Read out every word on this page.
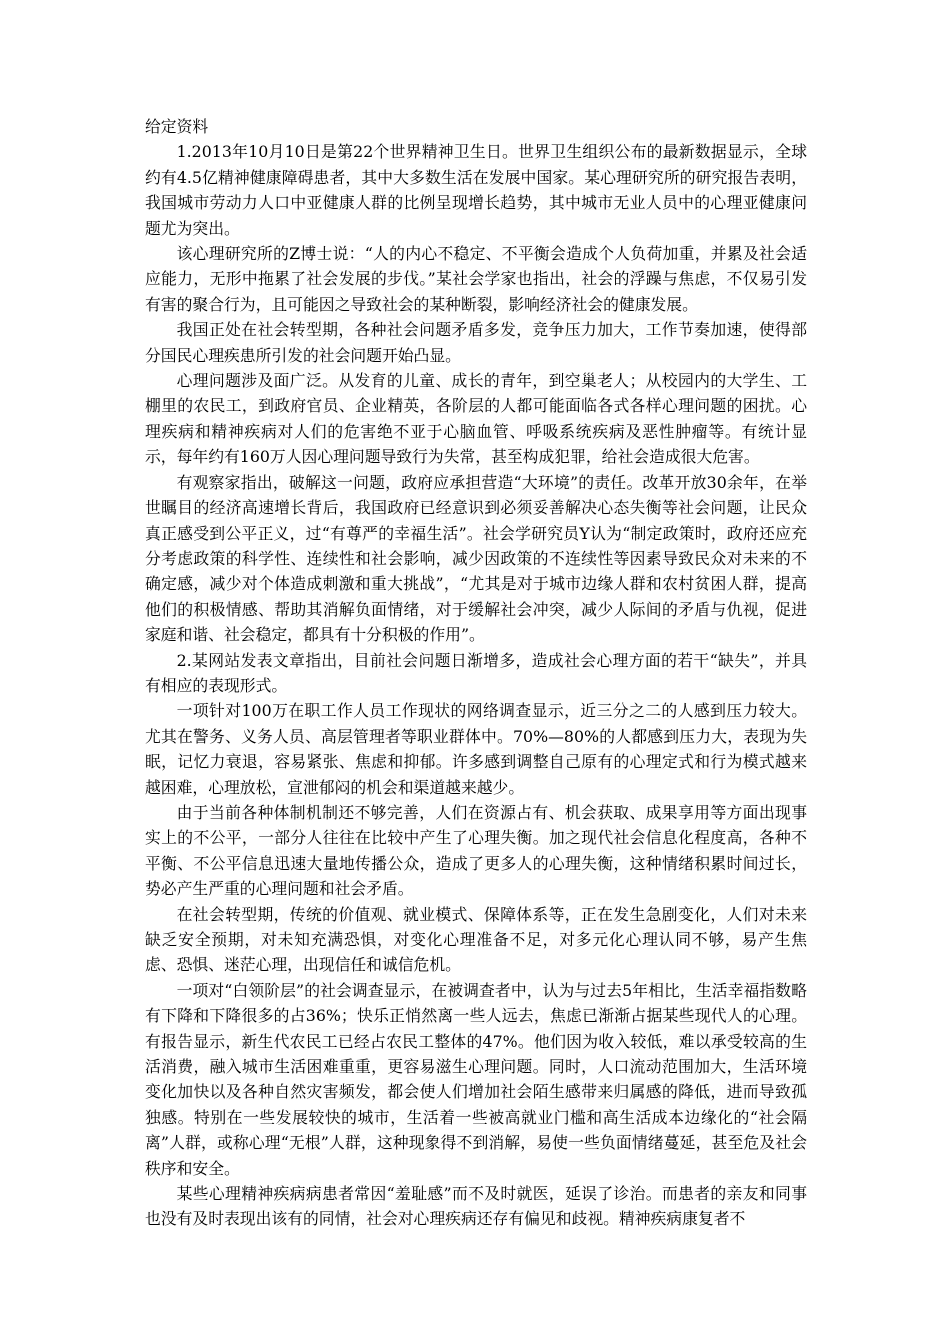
给定资料

1.2013年10月10日是第22个世界精神卫生日。世界卫生组织公布的最新数据显示，全球约有4.5亿精神健康障碍患者，其中大多数生活在发展中国家。某心理研究所的研究报告表明，我国城市劳动力人口中亚健康人群的比例呈现增长趋势，其中城市无业人员中的心理亚健康问题尤为突出。

该心理研究所的Z博士说：“人的内心不稳定、不平衡会造成个人负荷加重，并累及社会适应能力，无形中拖累了社会发展的步伐。”某社会学家也指出，社会的浮躁与焦虑，不仅易引发有害的聚合行为，且可能因之导致社会的某种断裂，影响经济社会的健康发展。

我国正处在社会转型期，各种社会问题矛盾多发，竞争压力加大，工作节奏加速，使得部分国民心理疾患所引发的社会问题开始凸显。

心理问题涉及面广泛。从发育的儿童、成长的青年，到空巢老人；从校园内的大学生、工棚里的农民工，到政府官员、企业精英，各阶层的人都可能面临各式各样心理问题的困扰。心理疾病和精神疾病对人们的危害绝不亚于心脑血管、呼吸系统疾病及恶性肿瘤等。有统计显示，每年约有160万人因心理问题导致行为失常，甚至构成犯罪，给社会造成很大危害。

有观察家指出，破解这一问题，政府应承担营造“大环境”的责任。改革开放30余年，在举世瞩目的经济高速增长背后，我国政府已经意识到必须妥善解决心态失衡等社会问题，让民众真正感受到公平正义，过“有尊严的幸福生活”。社会学研究员Y认为“制定政策时，政府还应充分考虑政策的科学性、连续性和社会影响，减少因政策的不连续性等因素导致民众对未来的不确定感，减少对个体造成刺激和重大挑战”，“尤其是对于城市边缘人群和农村贫困人群，提高他们的积极情感、帮助其消解负面情绪，对于缓解社会冲突，减少人际间的矛盾与仇视，促进家庭和谐、社会稳定，都具有十分积极的作用”。

2.某网站发表文章指出，目前社会问题日渐增多，造成社会心理方面的若干“缺失”，并具有相应的表现形式。

一项针对100万在职工作人员工作现状的网络调查显示，近三分之二的人感到压力较大。尤其在警务、义务人员、高层管理者等职业群体中。70%—80%的人都感到压力大，表现为失眠，记忆力衰退，容易紧张、焦虑和抑郁。许多感到调整自己原有的心理定式和行为模式越来越困难，心理放松，宣泄郁闷的机会和渠道越来越少。

由于当前各种体制机制还不够完善，人们在资源占有、机会获取、成果享用等方面出现事实上的不公平，一部分人往往在比较中产生了心理失衡。加之现代社会信息化程度高，各种不平衡、不公平信息迅速大量地传播公众，造成了更多人的心理失衡，这种情绪积累时间过长，势必产生严重的心理问题和社会矛盾。

在社会转型期，传统的价值观、就业模式、保障体系等，正在发生急剧变化，人们对未来缺乏安全预期，对未知充满恐惧，对变化心理准备不足，对多元化心理认同不够，易产生焦虑、恐惧、迷茫心理，出现信任和诚信危机。

一项对“白领阶层”的社会调查显示，在被调查者中，认为与过去5年相比，生活幸福指数略有下降和下降很多的占36%；快乐正悄然离一些人远去，焦虑已渐渐占据某些现代人的心理。有报告显示，新生代农民工已经占农民工整体的47%。他们因为收入较低，难以承受较高的生活消费，融入城市生活困难重重，更容易滋生心理问题。同时，人口流动范围加大，生活环境变化加快以及各种自然灾害频发，都会使人们增加社会陌生感带来归属感的降低，进而导致孤独感。特别在一些发展较快的城市，生活着一些被高就业门槛和高生活成本边缘化的“社会隔离”人群，或称心理“无根”人群，这种现象得不到消解，易使一些负面情绪蔓延，甚至危及社会秩序和安全。

某些心理精神疾病病患者常因“羞耻感”而不及时就医，延误了诊治。而患者的亲友和同事也没有及时表现出该有的同情，社会对心理疾病还存有偏见和歧视。精神疾病康复者不
